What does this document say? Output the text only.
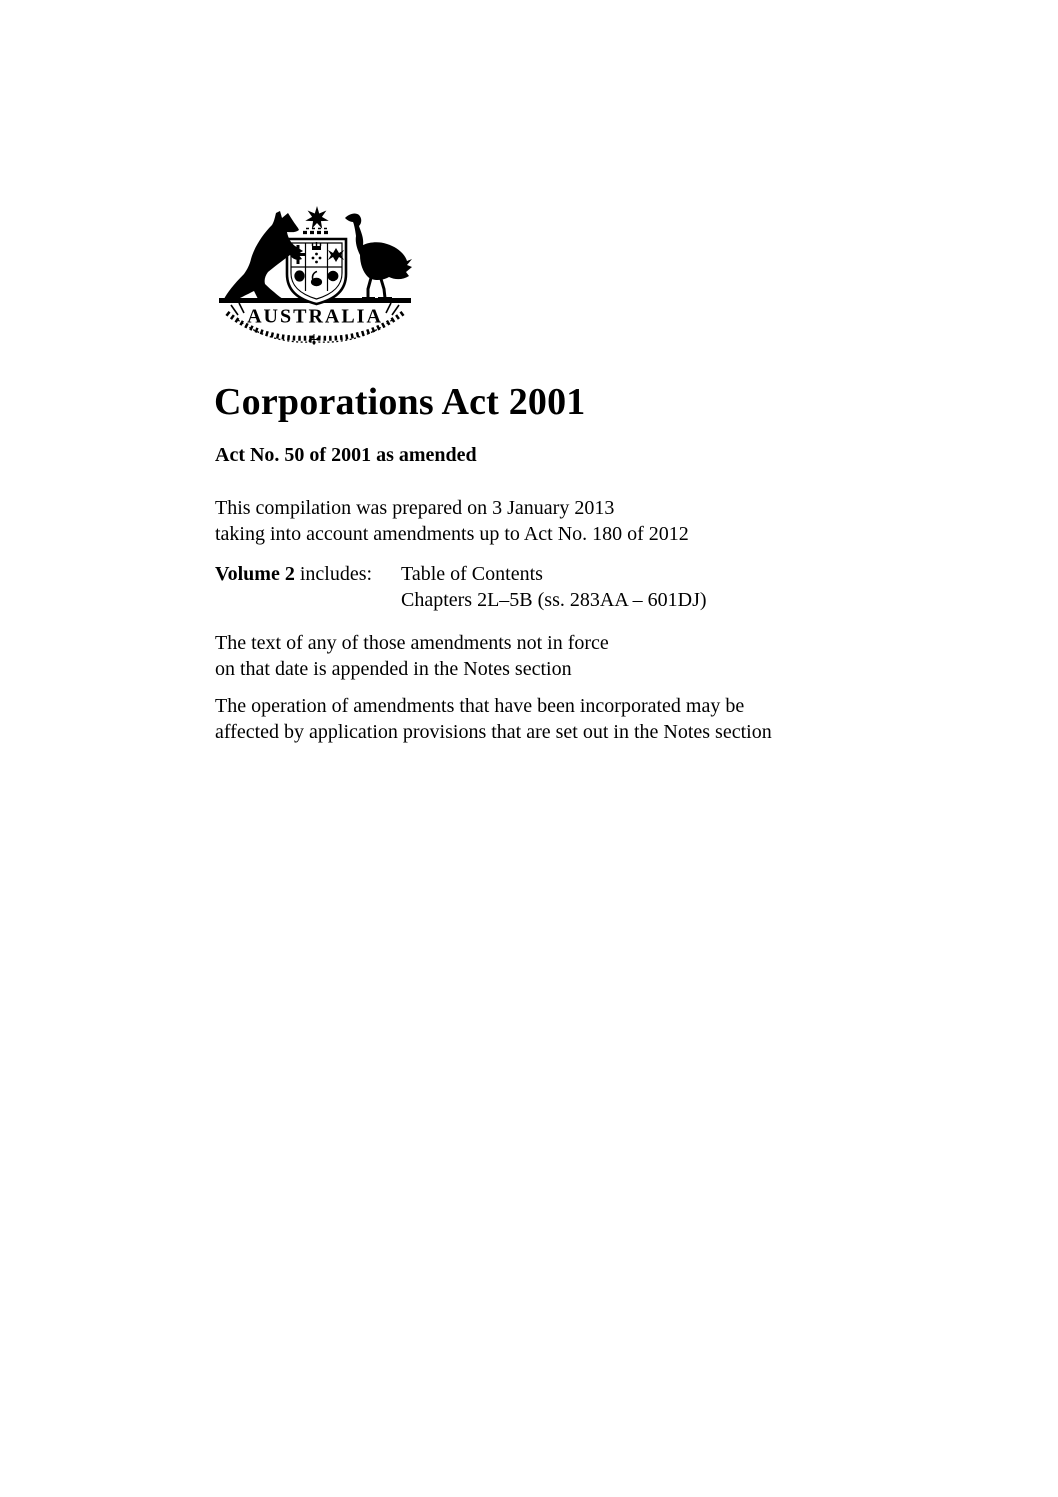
AUSTRALIA
Corporations Act 2001

Act No. 50 of 2001 as amended

This compilation was prepared on 3 January 2013
taking into account amendments up to Act No. 180 of 2012

Volume 2 includes:	Table of Contents
Chapters 2L–5B (ss. 283AA – 601DJ)

The text of any of those amendments not in force
on that date is appended in the Notes section

The operation of amendments that have been incorporated may be
affected by application provisions that are set out in the Notes section
